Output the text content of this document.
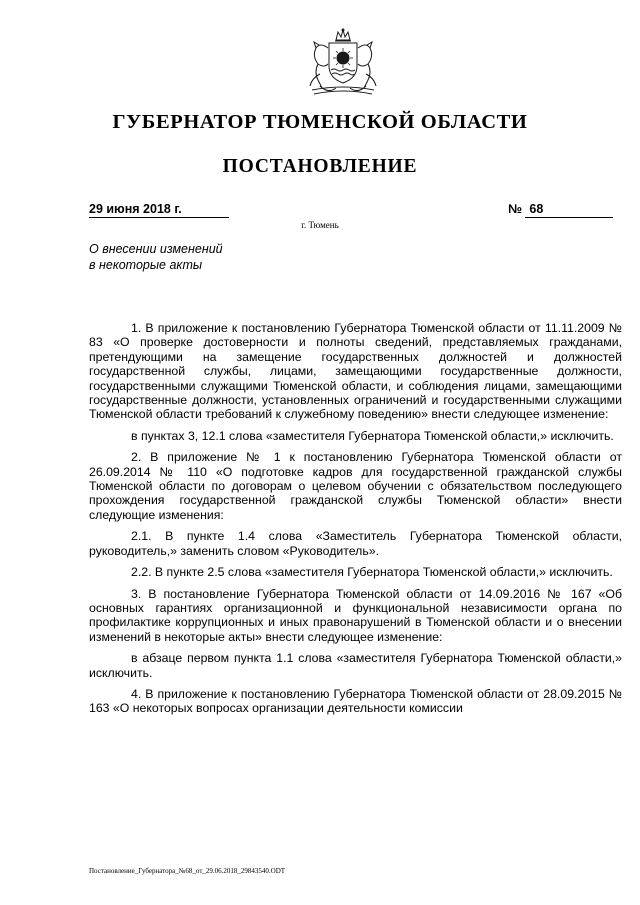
ГУБЕРНАТОР ТЮМЕНСКОЙ ОБЛАСТИ
ПОСТАНОВЛЕНИЕ
29 июня 2018 г.	№ 68
г. Тюмень
О внесении изменений
в некоторые акты

1. В приложение к постановлению Губернатора Тюменской области от 11.11.2009 № 83 «О проверке достоверности и полноты сведений, представляемых гражданами, претендующими на замещение государственных должностей и должностей государственной службы, лицами, замещающими государственные должности, государственными служащими Тюменской области, и соблюдения лицами, замещающими государственные должности, установленных ограничений и государственными служащими Тюменской области требований к служебному поведению» внести следующее изменение:

в пунктах 3, 12.1 слова «заместителя Губернатора Тюменской области,» исключить.

2. В приложение № 1 к постановлению Губернатора Тюменской области от 26.09.2014 № 110 «О подготовке кадров для государственной гражданской службы Тюменской области по договорам о целевом обучении с обязательством последующего прохождения государственной гражданской службы Тюменской области» внести следующие изменения:

2.1. В пункте 1.4 слова «Заместитель Губернатора Тюменской области, руководитель,» заменить словом «Руководитель».

2.2. В пункте 2.5 слова «заместителя Губернатора Тюменской области,» исключить.

3. В постановление Губернатора Тюменской области от 14.09.2016 № 167 «Об основных гарантиях организационной и функциональной независимости органа по профилактике коррупционных и иных правонарушений в Тюменской области и о внесении изменений в некоторые акты» внести следующее изменение:

в абзаце первом пункта 1.1 слова «заместителя Губернатора Тюменской области,» исключить.

4. В приложение к постановлению Губернатора Тюменской области от 28.09.2015 № 163 «О некоторых вопросах организации деятельности комиссии

Постановление_Губернатора_№68_от_29.06.2018_29843540.ODT
